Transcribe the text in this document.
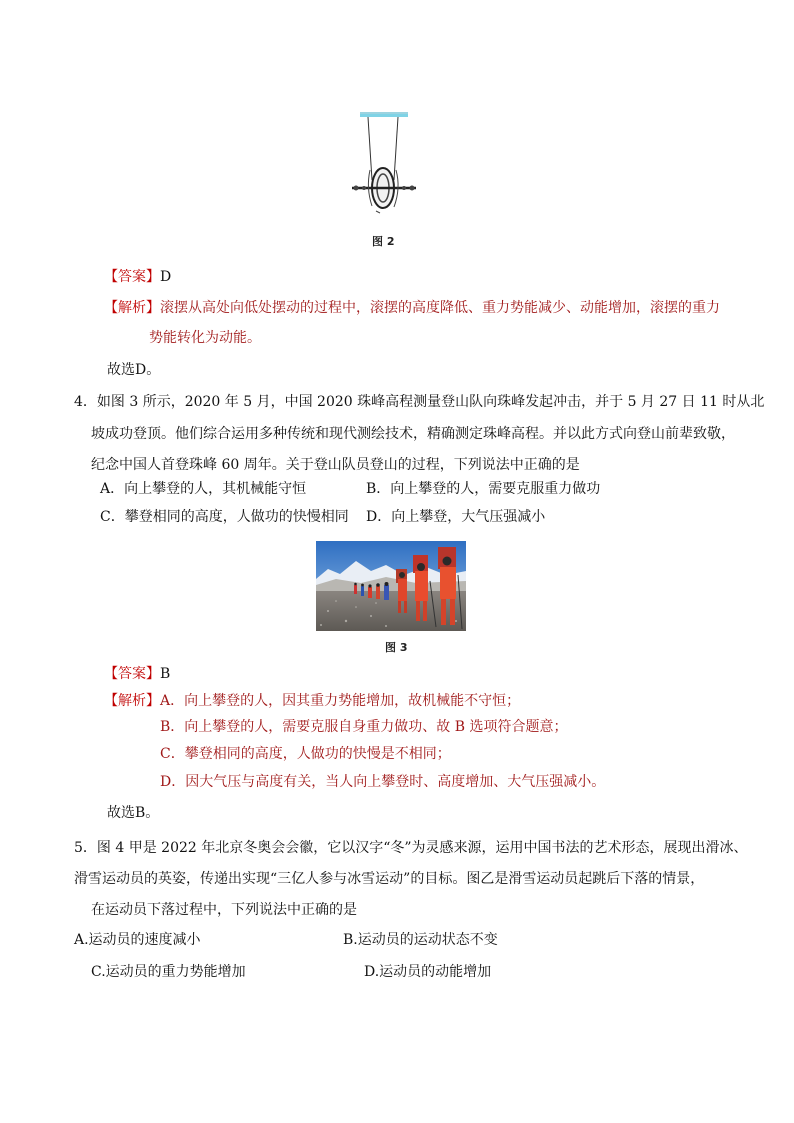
图 2
【答案】D
【解析】滚摆从高处向低处摆动的过程中，滚摆的高度降低、重力势能减少、动能增加，滚摆的重力
势能转化为动能。
故选D。
4．如图 3 所示，2020 年 5 月，中国 2020 珠峰高程测量登山队向珠峰发起冲击，并于 5 月 27 日 11 时从北
坡成功登顶。他们综合运用多种传统和现代测绘技术，精确测定珠峰高程。并以此方式向登山前辈致敬，
纪念中国人首登珠峰 60 周年。关于登山队员登山的过程，下列说法中正确的是
A．向上攀登的人，其机械能守恒	B．向上攀登的人，需要克服重力做功
C．攀登相同的高度，人做功的快慢相同 D．向上攀登，大气压强减小
图 3
【答案】B
【解析】A．向上攀登的人，因其重力势能增加，故机械能不守恒；
B．向上攀登的人，需要克服自身重力做功、故 B 选项符合题意；
C．攀登相同的高度，人做功的快慢是不相同；
D．因大气压与高度有关，当人向上攀登时、高度增加、大气压强减小。
故选B。
5．图 4 甲是 2022 年北京冬奥会会徽，它以汉字“冬”为灵感来源，运用中国书法的艺术形态，展现出滑冰、
滑雪运动员的英姿，传递出实现“三亿人参与冰雪运动”的目标。图乙是滑雪运动员起跳后下落的情景，
在运动员下落过程中，下列说法中正确的是
A.运动员的速度减小	B.运动员的运动状态不变
C.运动员的重力势能增加	D.运动员的动能增加
